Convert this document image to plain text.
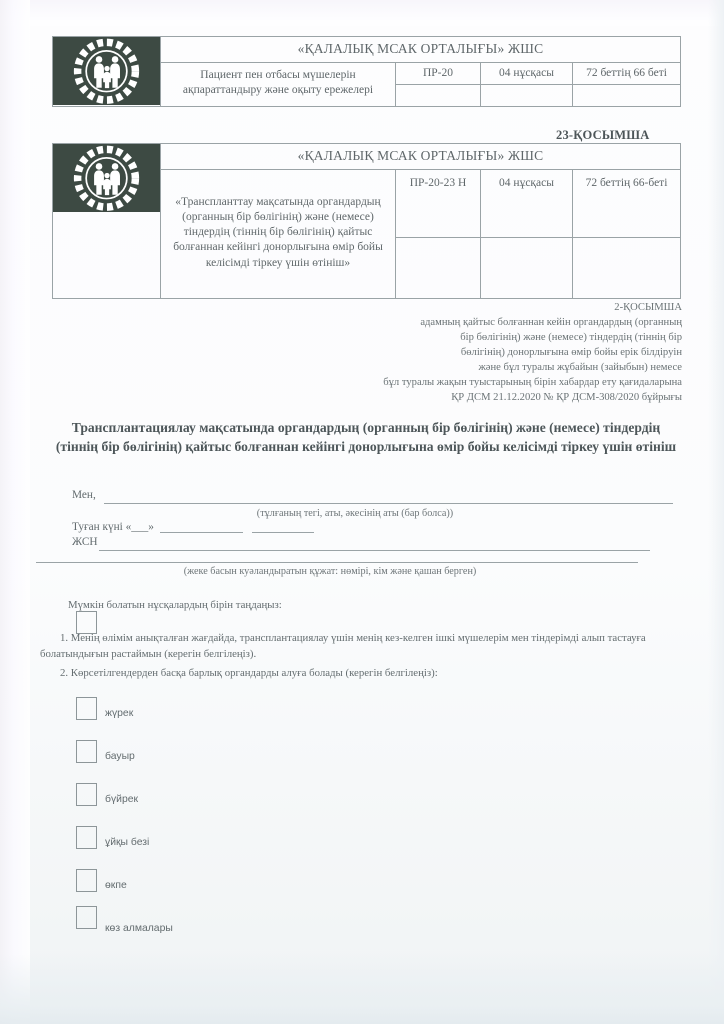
	«ҚАЛАЛЫҚ МСАК ОРТАЛЫҒЫ» ЖШС			
	Пациент пен отбасы мүшелерін ақпараттандыру және оқыту ережелері	ПР-20	04 нұсқасы	72 беттің 66 беті

23-ҚОСЫМША
	«ҚАЛАЛЫҚ МСАК ОРТАЛЫҒЫ» ЖШС			
	«Транспланттау мақсатында органдардың (органның бір бөлігінің) және (немесе) тіндердің (тіннің бір бөлігінің) қайтыс болғаннан кейінгі донорлығына өмір бойы келісімді тіркеу үшін өтініш»	ПР-20-23 Н	04 нұсқасы	72 беттің 66-беті

2-ҚОСЫМША
адамның қайтыс болғаннан кейін органдардың (органның
бір бөлігінің) және (немесе) тіндердің (тіннің бір
бөлігінің) донорлығына өмір бойы ерік білдіруін
және бұл туралы жұбайын (зайыбын) немесе
бұл туралы жақын туыстарының бірін хабардар ету қағидаларына
ҚР ДСМ 21.12.2020 № ҚР ДСМ-308/2020 бұйрығы
Трансплантациялау мақсатында органдардың (органның бір бөлігінің) және (немесе) тіндердің (тіннің бір бөлігінің) қайтыс болғаннан кейінгі донорлығына өмір бойы келісімді тіркеу үшін өтініш
Мен,
(тұлғаның тегі, аты, әкесінің аты (бар болса))
Туған күні «___»
ЖСН
(жеке басын куәландыратын құжат: нөмірі, кім және қашан берген)
Мүмкін болатын нұсқалардың бірін таңдаңыз:
1. Менің өлімім анықталған жағдайда, трансплантациялау үшін менің кез-келген ішкі мүшелерім мен тіндерімді алып тастауға болатындығын растаймын (керегін белгілеңіз).
2. Көрсетілгендерден басқа барлық органдарды алуға болады (керегін белгілеңіз):
жүрек
бауыр
бүйрек
ұйқы безі
өкпе
көз алмалары
